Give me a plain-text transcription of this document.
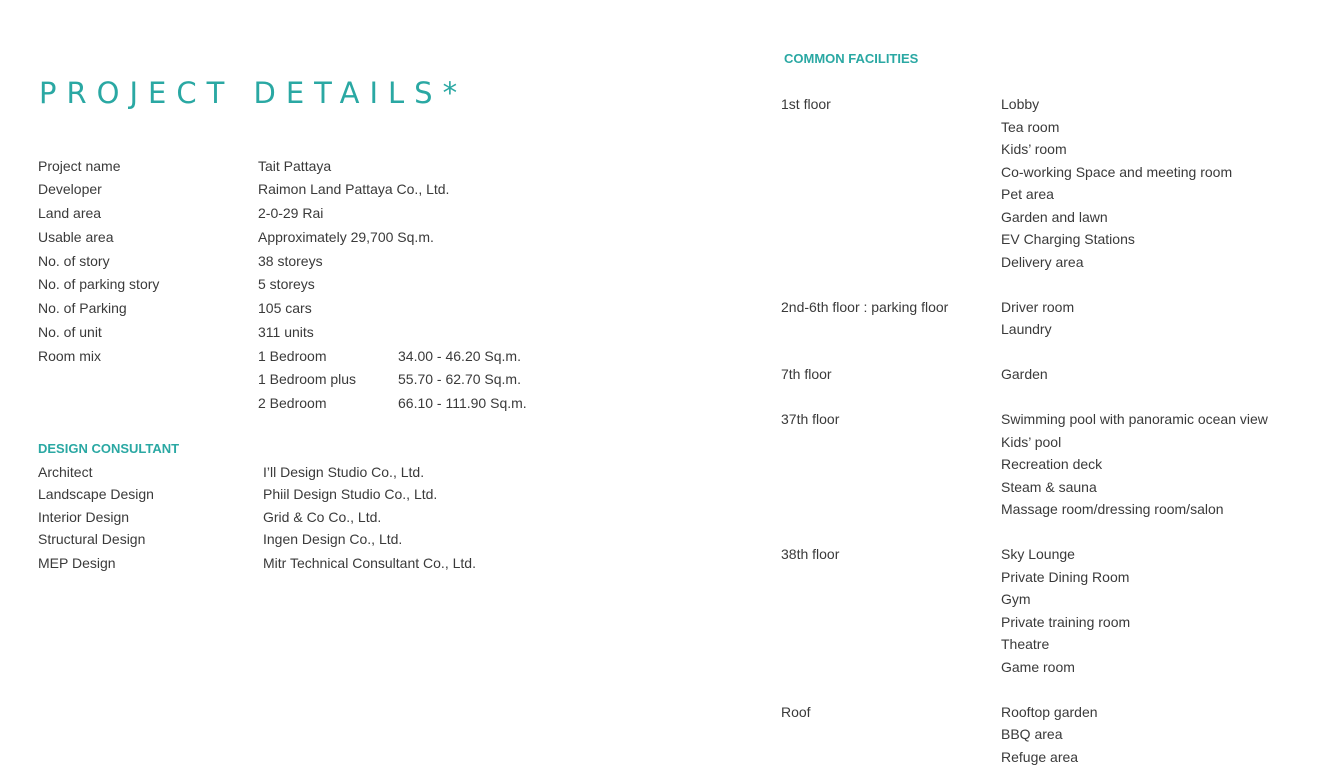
PROJECT DETAILS*
Project name	Tait Pattaya
Developer	Raimon Land Pattaya Co., Ltd.
Land area	2-0-29 Rai
Usable area	Approximately 29,700 Sq.m.
No. of story	38 storeys
No. of parking story	5 storeys
No. of Parking	105 cars
No. of unit	311 units
Room mix	1 Bedroom	34.00 - 46.20 Sq.m.
1 Bedroom plus	55.70 - 62.70 Sq.m.
2 Bedroom	66.10 - 111.90 Sq.m.
DESIGN CONSULTANT
Architect	I’ll Design Studio Co., Ltd.
Landscape Design	Phiil Design Studio Co., Ltd.
Interior Design	Grid & Co Co., Ltd.
Structural Design	Ingen Design Co., Ltd.
MEP Design	Mitr Technical Consultant Co., Ltd.
COMMON FACILITIES
1st floor	Lobby
Tea room
Kids’ room
Co-working Space and meeting room
Pet area
Garden and lawn
EV Charging Stations
Delivery area
2nd-6th floor : parking floor	Driver room
Laundry
7th floor	Garden
37th floor	Swimming pool with panoramic ocean view
Kids’ pool
Recreation deck
Steam & sauna
Massage room/dressing room/salon
38th floor	Sky Lounge
Private Dining Room
Gym
Private training room
Theatre
Game room
Roof	Rooftop garden
BBQ area
Refuge area
